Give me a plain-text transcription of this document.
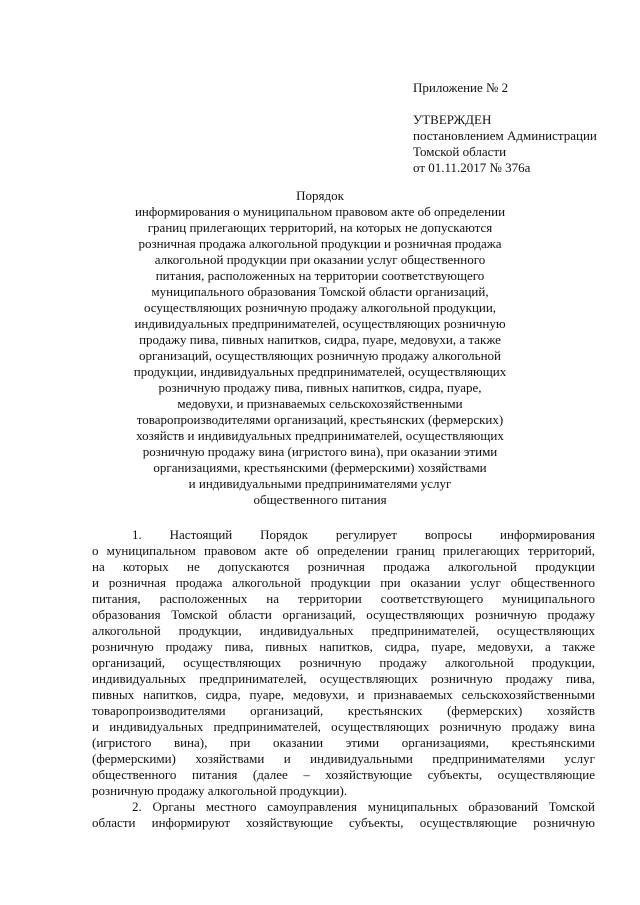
Приложение № 2
УТВЕРЖДЕН
постановлением Администрации
Томской области
от 01.11.2017 № 376а
Порядок
информирования о муниципальном правовом акте об определении
границ прилегающих территорий, на которых не допускаются
розничная продажа алкогольной продукции и розничная продажа
алкогольной продукции при оказании услуг общественного
питания, расположенных на территории соответствующего
муниципального образования Томской области организаций,
осуществляющих розничную продажу алкогольной продукции,
индивидуальных предпринимателей, осуществляющих розничную
продажу пива, пивных напитков, сидра, пуаре, медовухи, а также
организаций, осуществляющих розничную продажу алкогольной
продукции, индивидуальных предпринимателей, осуществляющих
розничную продажу пива, пивных напитков, сидра, пуаре,
медовухи, и признаваемых сельскохозяйственными
товаропроизводителями организаций, крестьянских (фермерских)
хозяйств и индивидуальных предпринимателей, осуществляющих
розничную продажу вина (игристого вина), при оказании этими
организациями, крестьянскими (фермерскими) хозяйствами
и индивидуальными предпринимателями услуг
общественного питания
1. Настоящий Порядок регулирует вопросы информирования
о муниципальном правовом акте об определении границ прилегающих территорий,
на которых не допускаются розничная продажа алкогольной продукции
и розничная продажа алкогольной продукции при оказании услуг общественного
питания, расположенных на территории соответствующего муниципального
образования Томской области организаций, осуществляющих розничную продажу
алкогольной продукции, индивидуальных предпринимателей, осуществляющих
розничную продажу пива, пивных напитков, сидра, пуаре, медовухи, а также
организаций, осуществляющих розничную продажу алкогольной продукции,
индивидуальных предпринимателей, осуществляющих розничную продажу пива,
пивных напитков, сидра, пуаре, медовухи, и признаваемых сельскохозяйственными
товаропроизводителями организаций, крестьянских (фермерских) хозяйств
и индивидуальных предпринимателей, осуществляющих розничную продажу вина
(игристого вина), при оказании этими организациями, крестьянскими
(фермерскими) хозяйствами и индивидуальными предпринимателями услуг
общественного питания (далее – хозяйствующие субъекты, осуществляющие
розничную продажу алкогольной продукции).
2. Органы местного самоуправления муниципальных образований Томской
области информируют хозяйствующие субъекты, осуществляющие розничную
